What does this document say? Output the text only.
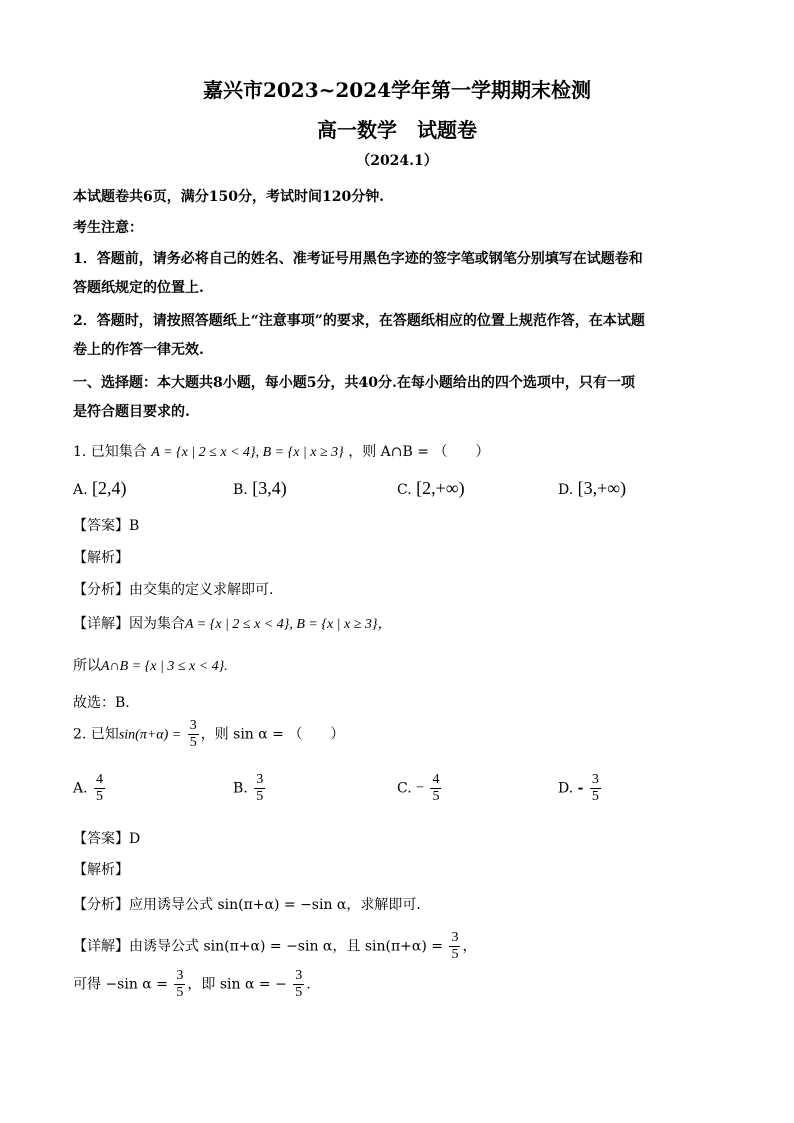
嘉兴市2023~2024学年第一学期期末检测
高一数学　试题卷
（2024.1）
本试题卷共6页，满分150分，考试时间120分钟.
考生注意：
1．答题前，请务必将自己的姓名、准考证号用黑色字迹的签字笔或钢笔分别填写在试题卷和
答题纸规定的位置上.
2．答题时，请按照答题纸上“注意事项”的要求，在答题纸相应的位置上规范作答，在本试题
卷上的作答一律无效.
一、选择题：本大题共8小题，每小题5分，共40分.在每小题给出的四个选项中，只有一项
是符合题目要求的.
1. 已知集合 A = {x | 2 ≤ x < 4}, B = {x | x ≥ 3} ，则 A∩B = （　　）
A. [2,4)	B. [3,4)	C. [2,+∞)	D. [3,+∞)
【答案】B
【解析】
【分析】由交集的定义求解即可.
【详解】因为集合A = {x | 2 ≤ x < 4}, B = {x | x ≥ 3}，
所以A∩B = {x | 3 ≤ x < 4}.
故选：B.
2. 已知$\sin(\pi+\alpha) = \frac{3}{5}$ ，则 sin α = （　　）
A. $\frac{4}{5}$	B. $\frac{3}{5}$	C. − $\frac{4}{5}$	D. - $\frac{3}{5}$
【答案】D
【解析】
【分析】应用诱导公式 sin(π+α) = −sin α，求解即可.
【详解】由诱导公式 sin(π+α) = −sin α，且 $\sin(\pi+\alpha) = \frac{3}{5}$ ，
可得 −sin $\alpha = \frac{3}{5}$ ，即 sin α = − $\frac{3}{5}$ .
